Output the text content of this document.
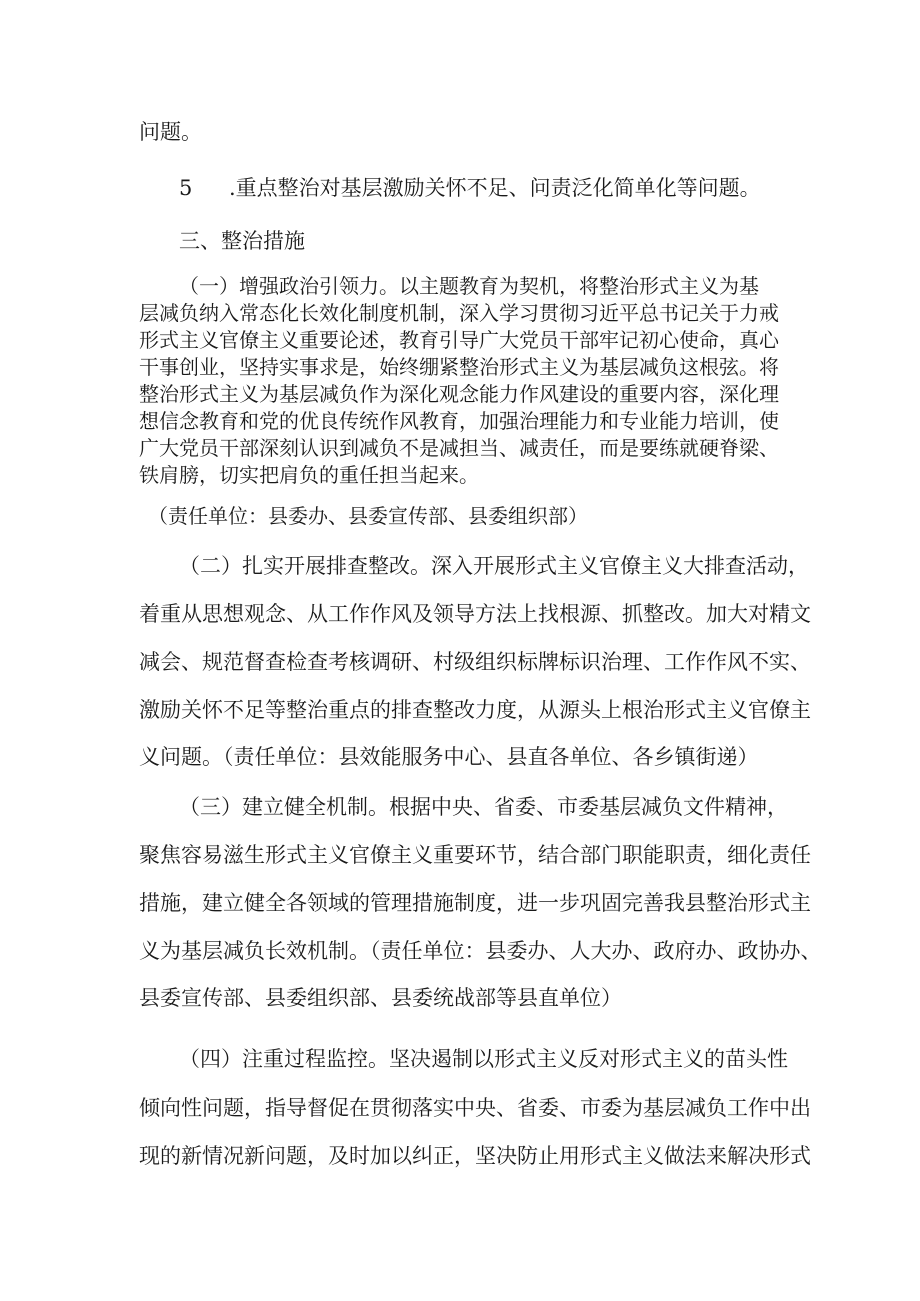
问题。
5 .重点整治对基层激励关怀不足、问责泛化简单化等问题。
三、整治措施
（一）增强政治引领力。以主题教育为契机，将整治形式主义为基
层减负纳入常态化长效化制度机制，深入学习贯彻习近平总书记关于力戒
形式主义官僚主义重要论述，教育引导广大党员干部牢记初心使命，真心
干事创业，坚持实事求是，始终绷紧整治形式主义为基层减负这根弦。将
整治形式主义为基层减负作为深化观念能力作风建设的重要内容，深化理
想信念教育和党的优良传统作风教育，加强治理能力和专业能力培训，使
广大党员干部深刻认识到减负不是减担当、减责任，而是要练就硬脊梁、
铁肩膀，切实把肩负的重任担当起来。
（责任单位：县委办、县委宣传部、县委组织部）
（二）扎实开展排查整改。深入开展形式主义官僚主义大排查活动，
着重从思想观念、从工作作风及领导方法上找根源、抓整改。加大对精文
减会、规范督查检查考核调研、村级组织标牌标识治理、工作作风不实、
激励关怀不足等整治重点的排查整改力度，从源头上根治形式主义官僚主
义问题。（责任单位：县效能服务中心、县直各单位、各乡镇街递）
（三）建立健全机制。根据中央、省委、市委基层减负文件精神，
聚焦容易滋生形式主义官僚主义重要环节，结合部门职能职责，细化责任
措施，建立健全各领域的管理措施制度，进一步巩固完善我县整治形式主
义为基层减负长效机制。（责任单位：县委办、人大办、政府办、政协办、
县委宣传部、县委组织部、县委统战部等县直单位）
（四）注重过程监控。坚决遏制以形式主义反对形式主义的苗头性
倾向性问题，指导督促在贯彻落实中央、省委、市委为基层减负工作中出
现的新情况新问题，及时加以纠正，坚决防止用形式主义做法来解决形式
